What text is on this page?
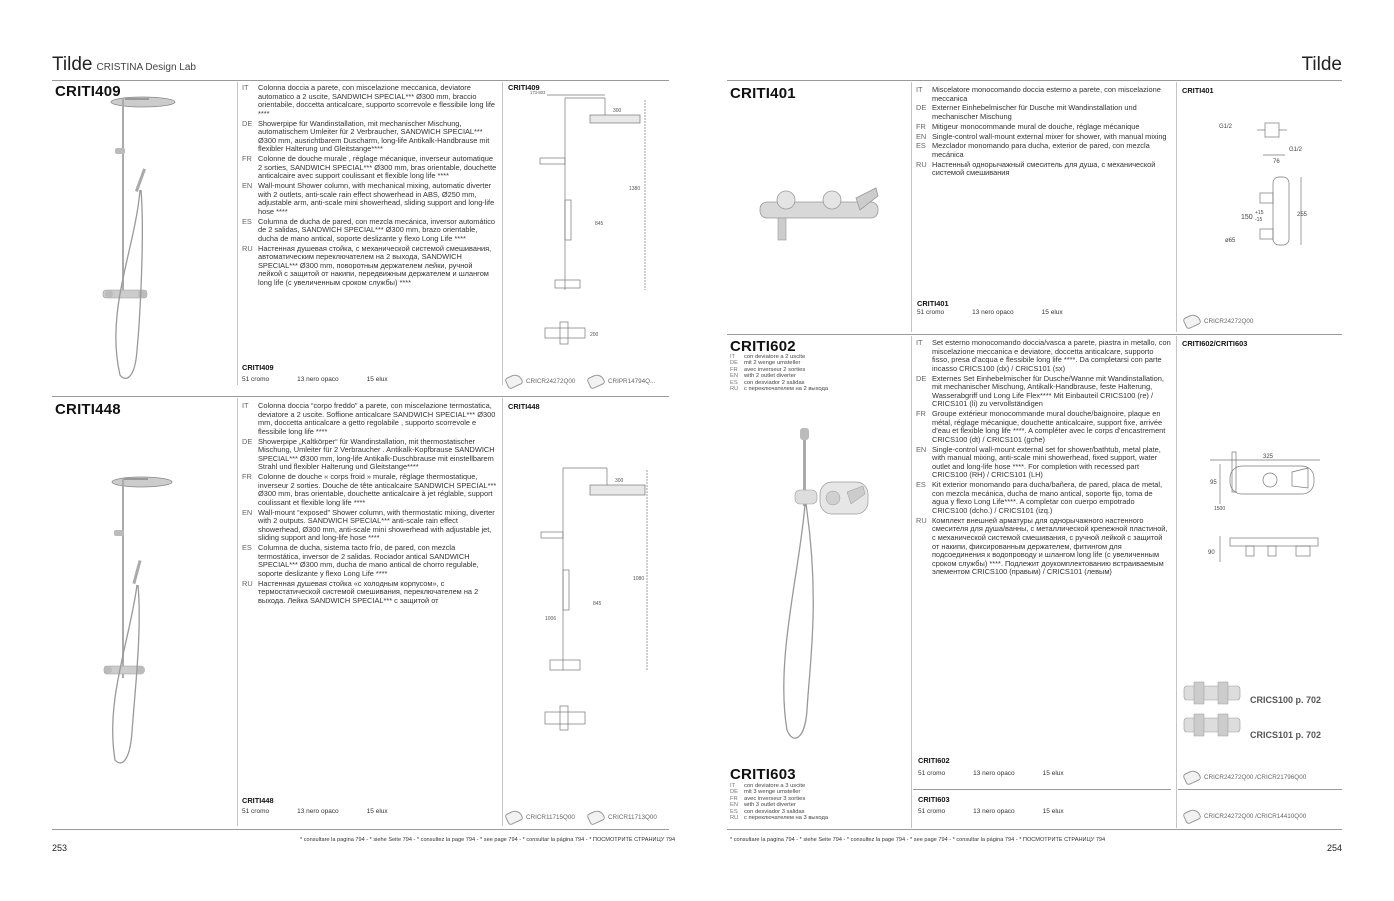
Tilde CRISTINA Design Lab	Tilde
CRITI409	IT	Colonna doccia a parete, con miscelazione meccanica, deviatore automatico a 2 uscite, SANDWICH SPECIAL*** Ø300 mm, braccio orientabile, doccetta anticalcare, supporto scorrevole e flessibile long life ****
DE Showerpipe für Wandinstallation, mit mechanischer Mischung, automatischem Umleiter für 2 Verbraucher, SANDWICH SPECIAL*** Ø300 mm, ausrichtbarem Duscharm, long-life Antikalk-Handbrause mit flexibler Halterung und Gleitstange****
FR Colonne de douche murale , réglage mécanique, inverseur automatique 2 sorties, SANDWICH SPECIAL*** Ø300 mm, bras orientable, douchette anticalcaire avec support coulissant et flexible long life ****
EN Wall-mount Shower column, with mechanical mixing, automatic diverter with 2 outlets, anti-scale rain effect showerhead in ABS, Ø250 mm, adjustable arm, anti-scale mini showerhead, sliding support and long-life hose ****
ES Columna de ducha de pared, con mezcla mecánica, inversor automático de 2 salidas, SANDWICH SPECIAL*** Ø300 mm, brazo orientable, ducha de mano antical, soporte deslizante y flexo Long Life ****
RU Настенная душевая стойка, с механической системой смешивания, автоматическим переключателем на 2 выхода, SANDWICH SPECIAL*** Ø300 mm, поворотным держателем лейки, ручной лейкой с защитой от накипи, передвижным держателем и шлангом long life (с увеличенным сроком службы) ****
CRITI409
51 cromo	13 nero opaco	15 elux
CRITI409
1380
300
845
173-803
200
CRICR24272Q00	CRIPR14794Q...
CRITI448	IT	Colonna doccia “corpo freddo” a parete, con miscelazione termostatica, deviatore a 2 uscite. Soffione anticalcare SANDWICH SPECIAL*** Ø300 mm, doccetta anticalcare a getto regolabile , supporto scorrevole e flessibile long life ****
DE Showerpipe „Kaltkörper“ für Wandinstallation, mit thermostatischer Mischung, Umleiter für 2 Verbraucher . Antikalk-Kopfbrause SANDWICH SPECIAL*** Ø300 mm, long-life Antikalk-Duschbrause mit einstellbarem Strahl und flexibler Halterung und Gleitstange****
FR Colonne de douche « corps froid » murale, réglage thermostatique, inverseur 2 sorties. Douche de tête anticalcaire SANDWICH SPECIAL*** Ø300 mm, bras orientable, douchette anticalcaire à jet réglable, support coulissant et flexible long life ****
EN Wall-mount “exposed” Shower column, with thermostatic mixing, diverter with 2 outputs. SANDWICH SPECIAL*** anti-scale rain effect showerhead, Ø300 mm, anti-scale mini showerhead with adjustable jet, sliding support and long-life hose ****
ES Columna de ducha, sistema tacto frío, de pared, con mezcla termostática, inversor de 2 salidas. Rociador antical SANDWICH SPECIAL*** Ø300 mm, ducha de mano antical de chorro regulable, soporte deslizante y flexo Long Life ****
RU Настенная душевая стойка «с холодным корпусом», с термостатической системой смешивания, переключателем на 2 выхода. Лейка SANDWICH SPECIAL*** с защитой от
CRITI448
51 cromo	13 nero opaco	15 elux
CRITI448
1080
300
1006
845
CRICR11715Q00	CRICR11713Q00
* consultare la pagina 794 - * siehe Seite 794 - * consultez la page 794 - * see page 794 - * consultar la página 794 - * ПОСМОТРИТЕ СТРАНИЦУ 794
253
CRITI401	IT	Miscelatore monocomando doccia esterno a parete, con miscelazione meccanica
DE Externer Einhebelmischer für Dusche mit Wandinstallation und mechanischer Mischung
FR Mitigeur monocommande mural de douche, réglage mécanique
EN Single-control wall-mount external mixer for shower, with manual mixing
ES Mezclador monomando para ducha, exterior de pared, con mezcla mecánica
RU Настенный однорычажный смеситель для душа, с механической системой смешивания
CRITI401
51 cromo	13 nero opaco	15 elux
CRITI401
G1/2
G1/2
76
150
+15
-15
255
ø65
CRICR24272Q00
CRITI602
IT	con deviatore a 2 uscite
DE	mit 2 wenge umsteller
FR	avec inverseur 2 sorties
EN	with 2 outlet diverter
ES	con desviador 2 salidas
RU с переключателем на 2 выхода
IT	Set esterno monocomando doccia/vasca a parete, piastra in metallo, con miscelazione meccanica e deviatore, doccetta anticalcare, supporto fisso, presa d’acqua e flessibile long life ****. Da completarsi con parte incasso CRICS100 (dx) / CRICS101 (sx)
DE Externes Set Einhebelmischer für Dusche/Wanne mit Wandinstallation, mit mechanischer Mischung, Antikalk-Handbrause, feste Halterung, Wasserabgriff und Long Life Flex**** Mit Einbauteil CRICS100 (re) / CRICS101 (li) zu vervollständigen
FR Groupe extérieur monocommande mural douche/baignoire, plaque en métal, réglage mécanique, douchette anticalcaire, support fixe, arrivée d’eau et flexible long life ****. A compléter avec le corps d’encastrement CRICS100 (dt) / CRICS101 (gche)
EN Single-control wall-mount external set for shower/bathtub, metal plate, with manual mixing, anti-scale mini showerhead, fixed support, water outlet and long-life hose ****. For completion with recessed part CRICS100 (RH) / CRICS101 (LH)
ES Kit exterior monomando para ducha/bañera, de pared, placa de metal, con mezcla mecánica, ducha de mano antical, soporte fijo, toma de agua y flexo Long Life****. A completar con cuerpo empotrado CRICS100 (dcho.) / CRICS101 (izq.)
RU Комплект внешней арматуры для однорычажного настенного смесителя для душа/ванны, с металлической крепежной пластиной, с механической системой смешивания, с ручной лейкой с защитой от накипи, фиксированным держателем, фитингом для подсоединения к водопроводу и шлангом long life (с увеличенным сроком службы) ****. Подлежит доукомплектованию встраиваемым элементом CRICS100 (правым) / CRICS101 (левым)
CRITI602
51 cromo	13 nero opaco	15 elux
CRITI602/CRITI603
325
95
1500
90
CRICS100 p. 702
CRICS101 p. 702
CRICR24272Q00 /CRICR21796Q00
CRITI603
IT	con deviatore a 3 uscite
DE	mit 3 wenge umsteller
FR	avec inverseur 3 sorties
EN	with 3 outlet diverter
ES	con desviador 3 salidas
RU с переключателем на 3 выхода
CRITI603
51 cromo	13 nero opaco	15 elux
CRICR24272Q00 /CRICR14410Q00
* consultare la pagina 794 - * siehe Seite 794 - * consultez la page 794 - * see page 794 - * consultar la página 794 - * ПОСМОТРИТЕ СТРАНИЦУ 794
254
